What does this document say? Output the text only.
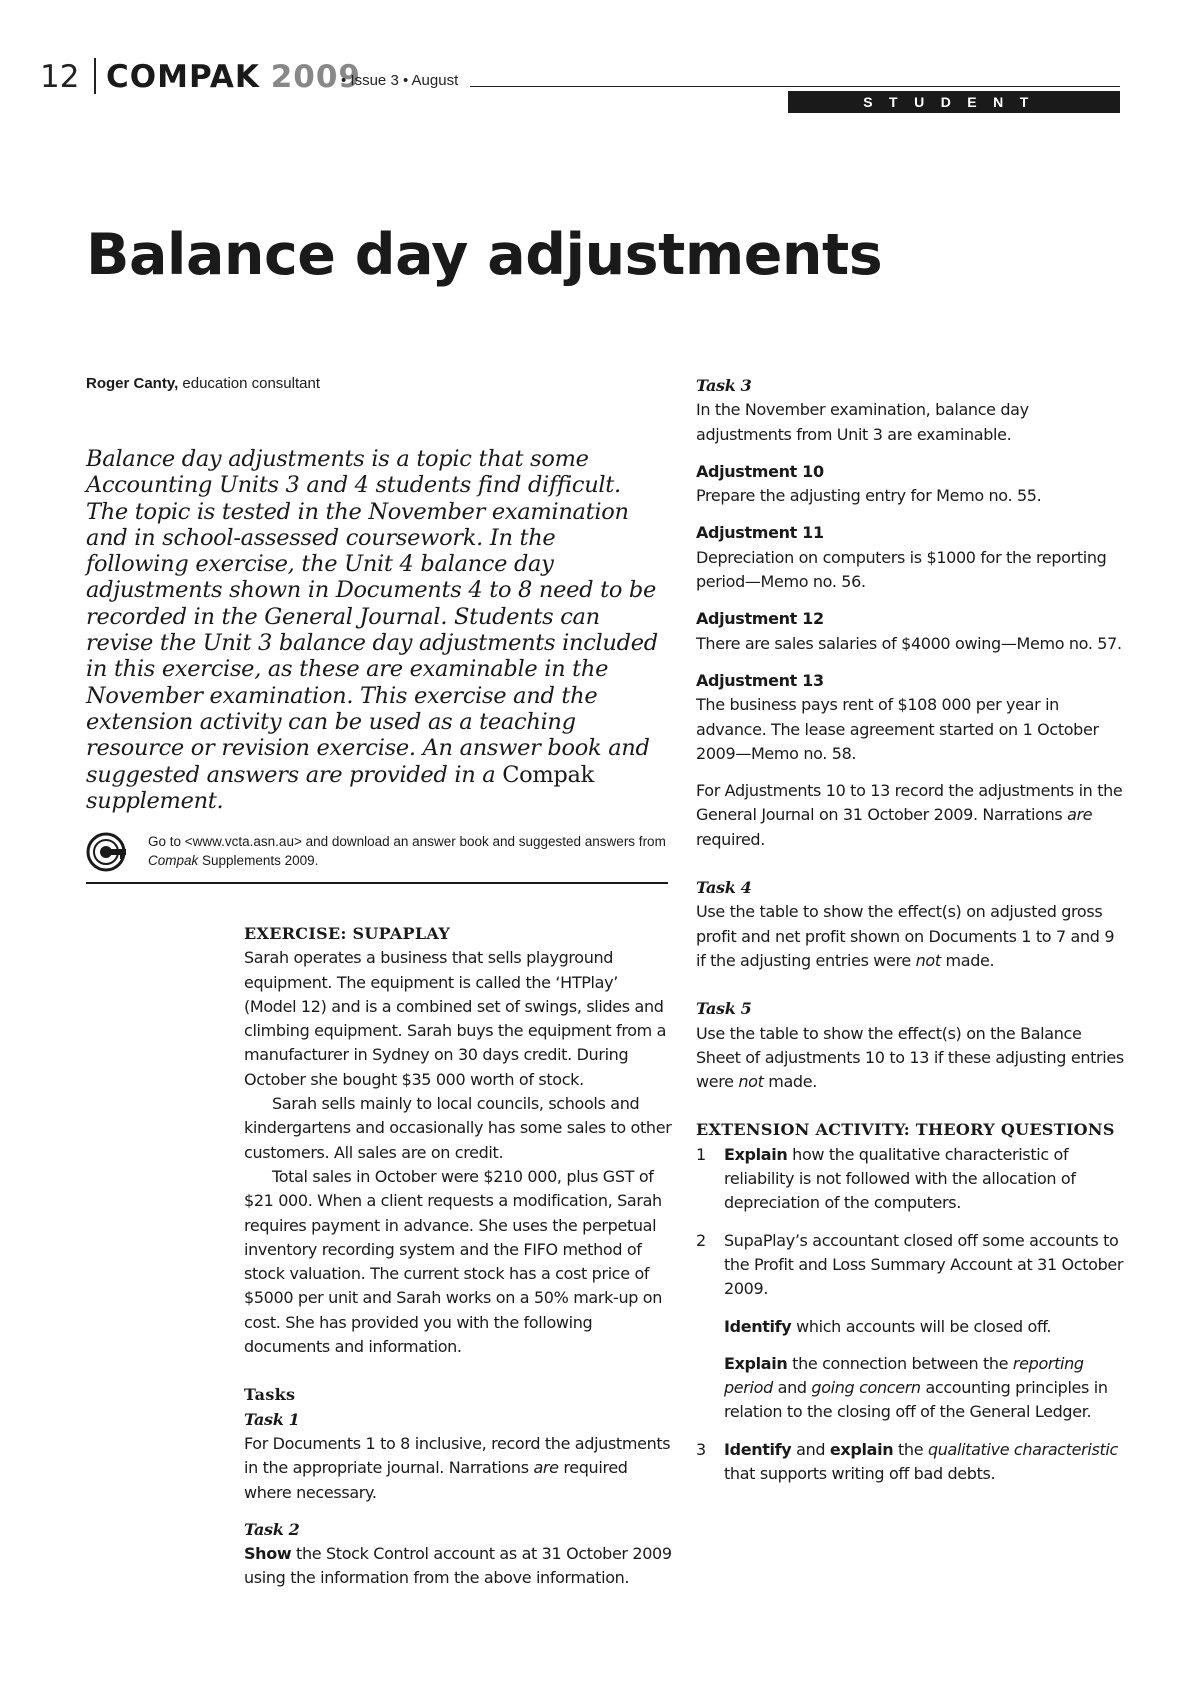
12 COMPAK 2009
• Issue 3 • August
STUDENT RESOURCE
Balance day adjustments
Roger Canty, education consultant
Balance day adjustments is a topic that some Accounting Units 3 and 4 students find difficult. The topic is tested in the November examination and in school-assessed coursework. In the following exercise, the Unit 4 balance day adjustments shown in Documents 4 to 8 need to be recorded in the General Journal. Students can revise the Unit 3 balance day adjustments included in this exercise, as these are examinable in the November examination. This exercise and the extension activity can be used as a teaching resource or revision exercise. An answer book and suggested answers are provided in a Compak supplement.
Go to <www.vcta.asn.au> and download an answer book and suggested answers from Compak Supplements 2009.

EXERCISE: SUPAPLAY

Sarah operates a business that sells playground equipment. The equipment is called the ‘HTPlay’ (Model 12) and is a combined set of swings, slides and climbing equipment. Sarah buys the equipment from a manufacturer in Sydney on 30 days credit. During October she bought $35 000 worth of stock.

Sarah sells mainly to local councils, schools and kindergartens and occasionally has some sales to other customers. All sales are on credit.

Total sales in October were $210 000, plus GST of $21 000. When a client requests a modification, Sarah requires payment in advance. She uses the perpetual inventory recording system and the FIFO method of stock valuation. The current stock has a cost price of $5000 per unit and Sarah works on a 50% mark-up on cost. She has provided you with the following documents and information.

Tasks

Task 1

For Documents 1 to 8 inclusive, record the adjustments in the appropriate journal. Narrations are required where necessary.

Task 2

Show the Stock Control account as at 31 October 2009 using the information from the above information.

Task 3

In the November examination, balance day adjustments from Unit 3 are examinable.

Adjustment 10

Prepare the adjusting entry for Memo no. 55.

Adjustment 11

Depreciation on computers is $1000 for the reporting period—Memo no. 56.

Adjustment 12

There are sales salaries of $4000 owing—Memo no. 57.

Adjustment 13

The business pays rent of $108 000 per year in advance. The lease agreement started on 1 October 2009—Memo no. 58.

For Adjustments 10 to 13 record the adjustments in the General Journal on 31 October 2009. Narrations are required.

Task 4

Use the table to show the effect(s) on adjusted gross profit and net profit shown on Documents 1 to 7 and 9 if the adjusting entries were not made.

Task 5

Use the table to show the effect(s) on the Balance Sheet of adjustments 10 to 13 if these adjusting entries were not made.

EXTENSION ACTIVITY: THEORY QUESTIONS

1	Explain how the qualitative characteristic of reliability is not followed with the allocation of depreciation of the computers.
2	SupaPlay’s accountant closed off some accounts to the Profit and Loss Summary Account at 31 October 2009.

Identify which accounts will be closed off.

Explain the connection between the reporting period and going concern accounting principles in relation to the closing off of the General Ledger.

3	Identify and explain the qualitative characteristic that supports writing off bad debts.
